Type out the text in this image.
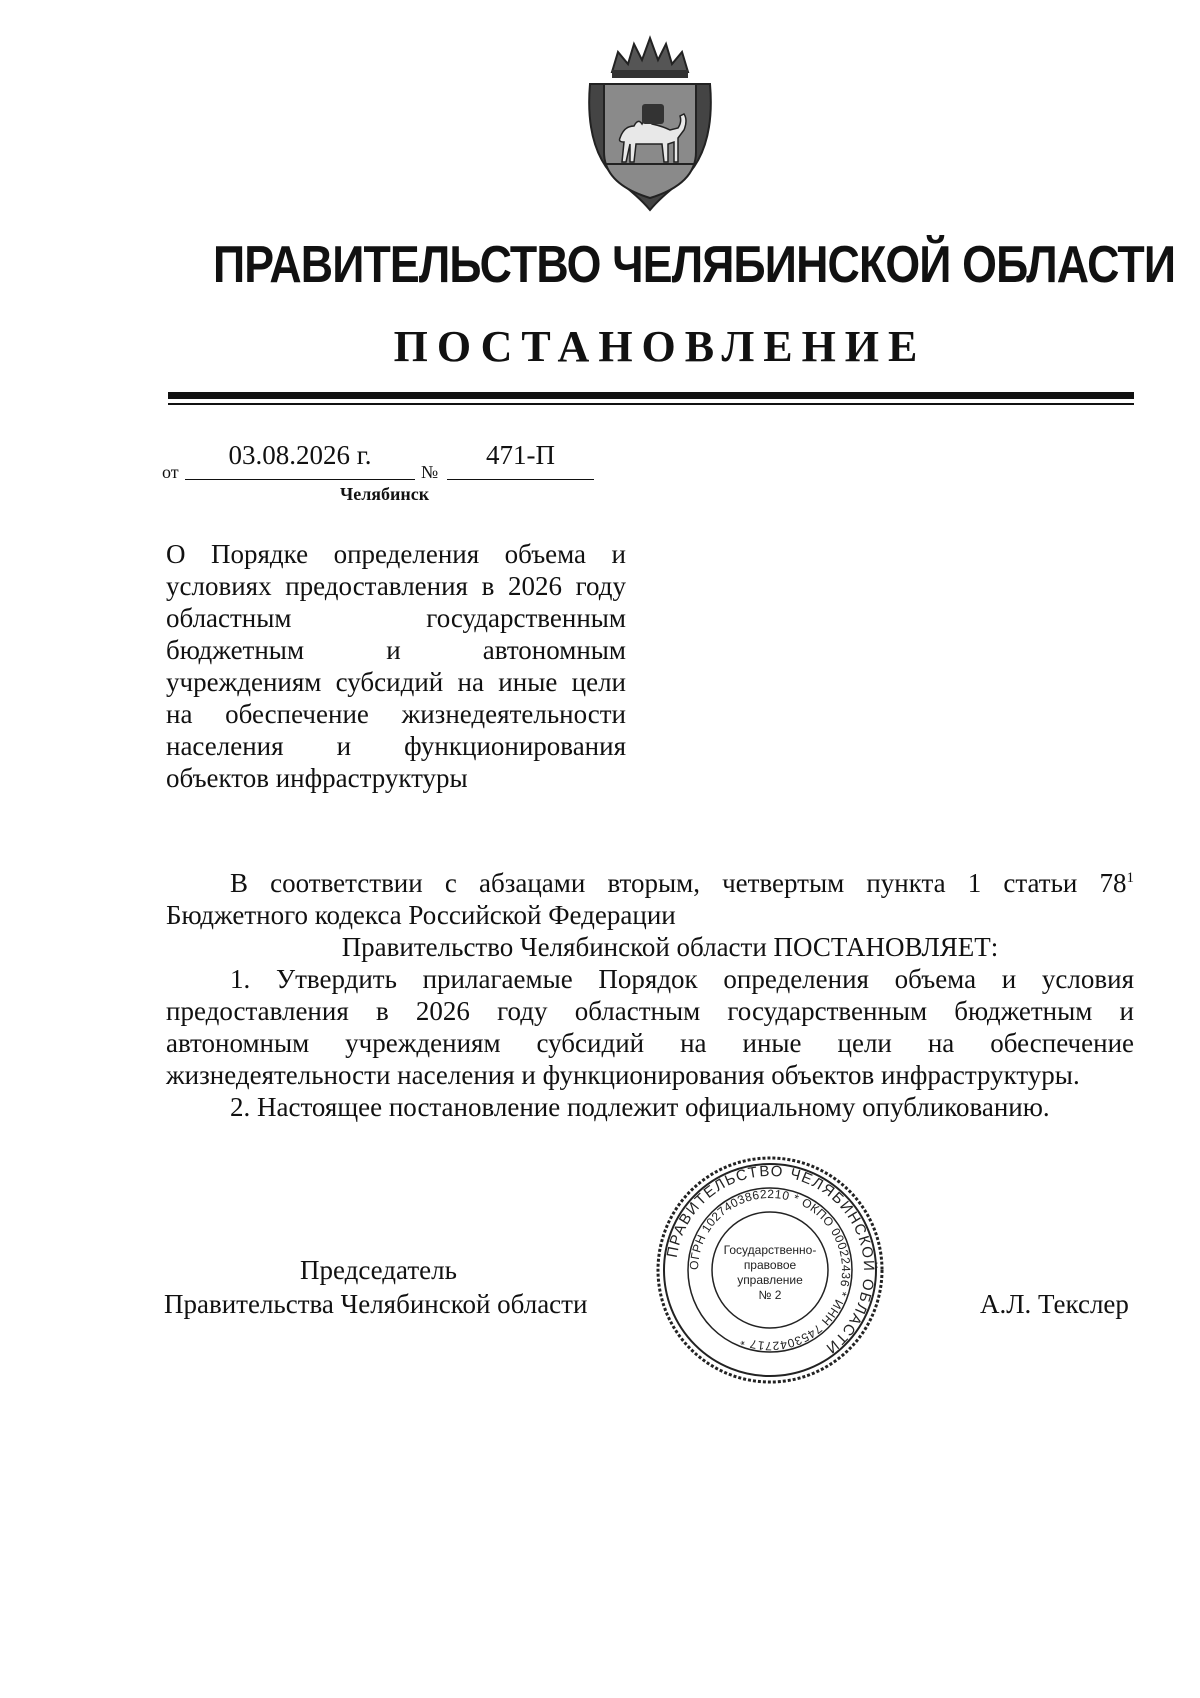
ПРАВИТЕЛЬСТВО ЧЕЛЯБИНСКОЙ ОБЛАСТИ
ПОСТАНОВЛЕНИЕ
от
03.08.2026 г.
№
471-П
Челябинск
О Порядке определения объема и условиях предоставления в 2026 году областным государственным бюджетным и автономным учреждениям субсидий на иные цели на обеспечение жизнедеятельности населения и функционирования объектов инфраструктуры

В соответствии с абзацами вторым, четвертым пункта 1 статьи $78^1$ Бюджетного кодекса Российской Федерации

Правительство Челябинской области ПОСТАНОВЛЯЕТ:

1. Утвердить прилагаемые Порядок определения объема и условия предоставления в 2026 году областным государственным бюджетным и автономным учреждениям субсидий на иные цели на обеспечение жизнедеятельности населения и функционирования объектов инфраструктуры.

2. Настоящее постановление подлежит официальному опубликованию.

Председатель
Правительства Челябинской области	А.Л. Текслер
ПРАВИТЕЛЬСТВО ЧЕЛЯБИНСКОЙ ОБЛАСТИ
ОГРН 1027403862210 * ОКПО 00022436 * ИНН 7453042717 *
Государственно-
правовое
управление
№ 2
